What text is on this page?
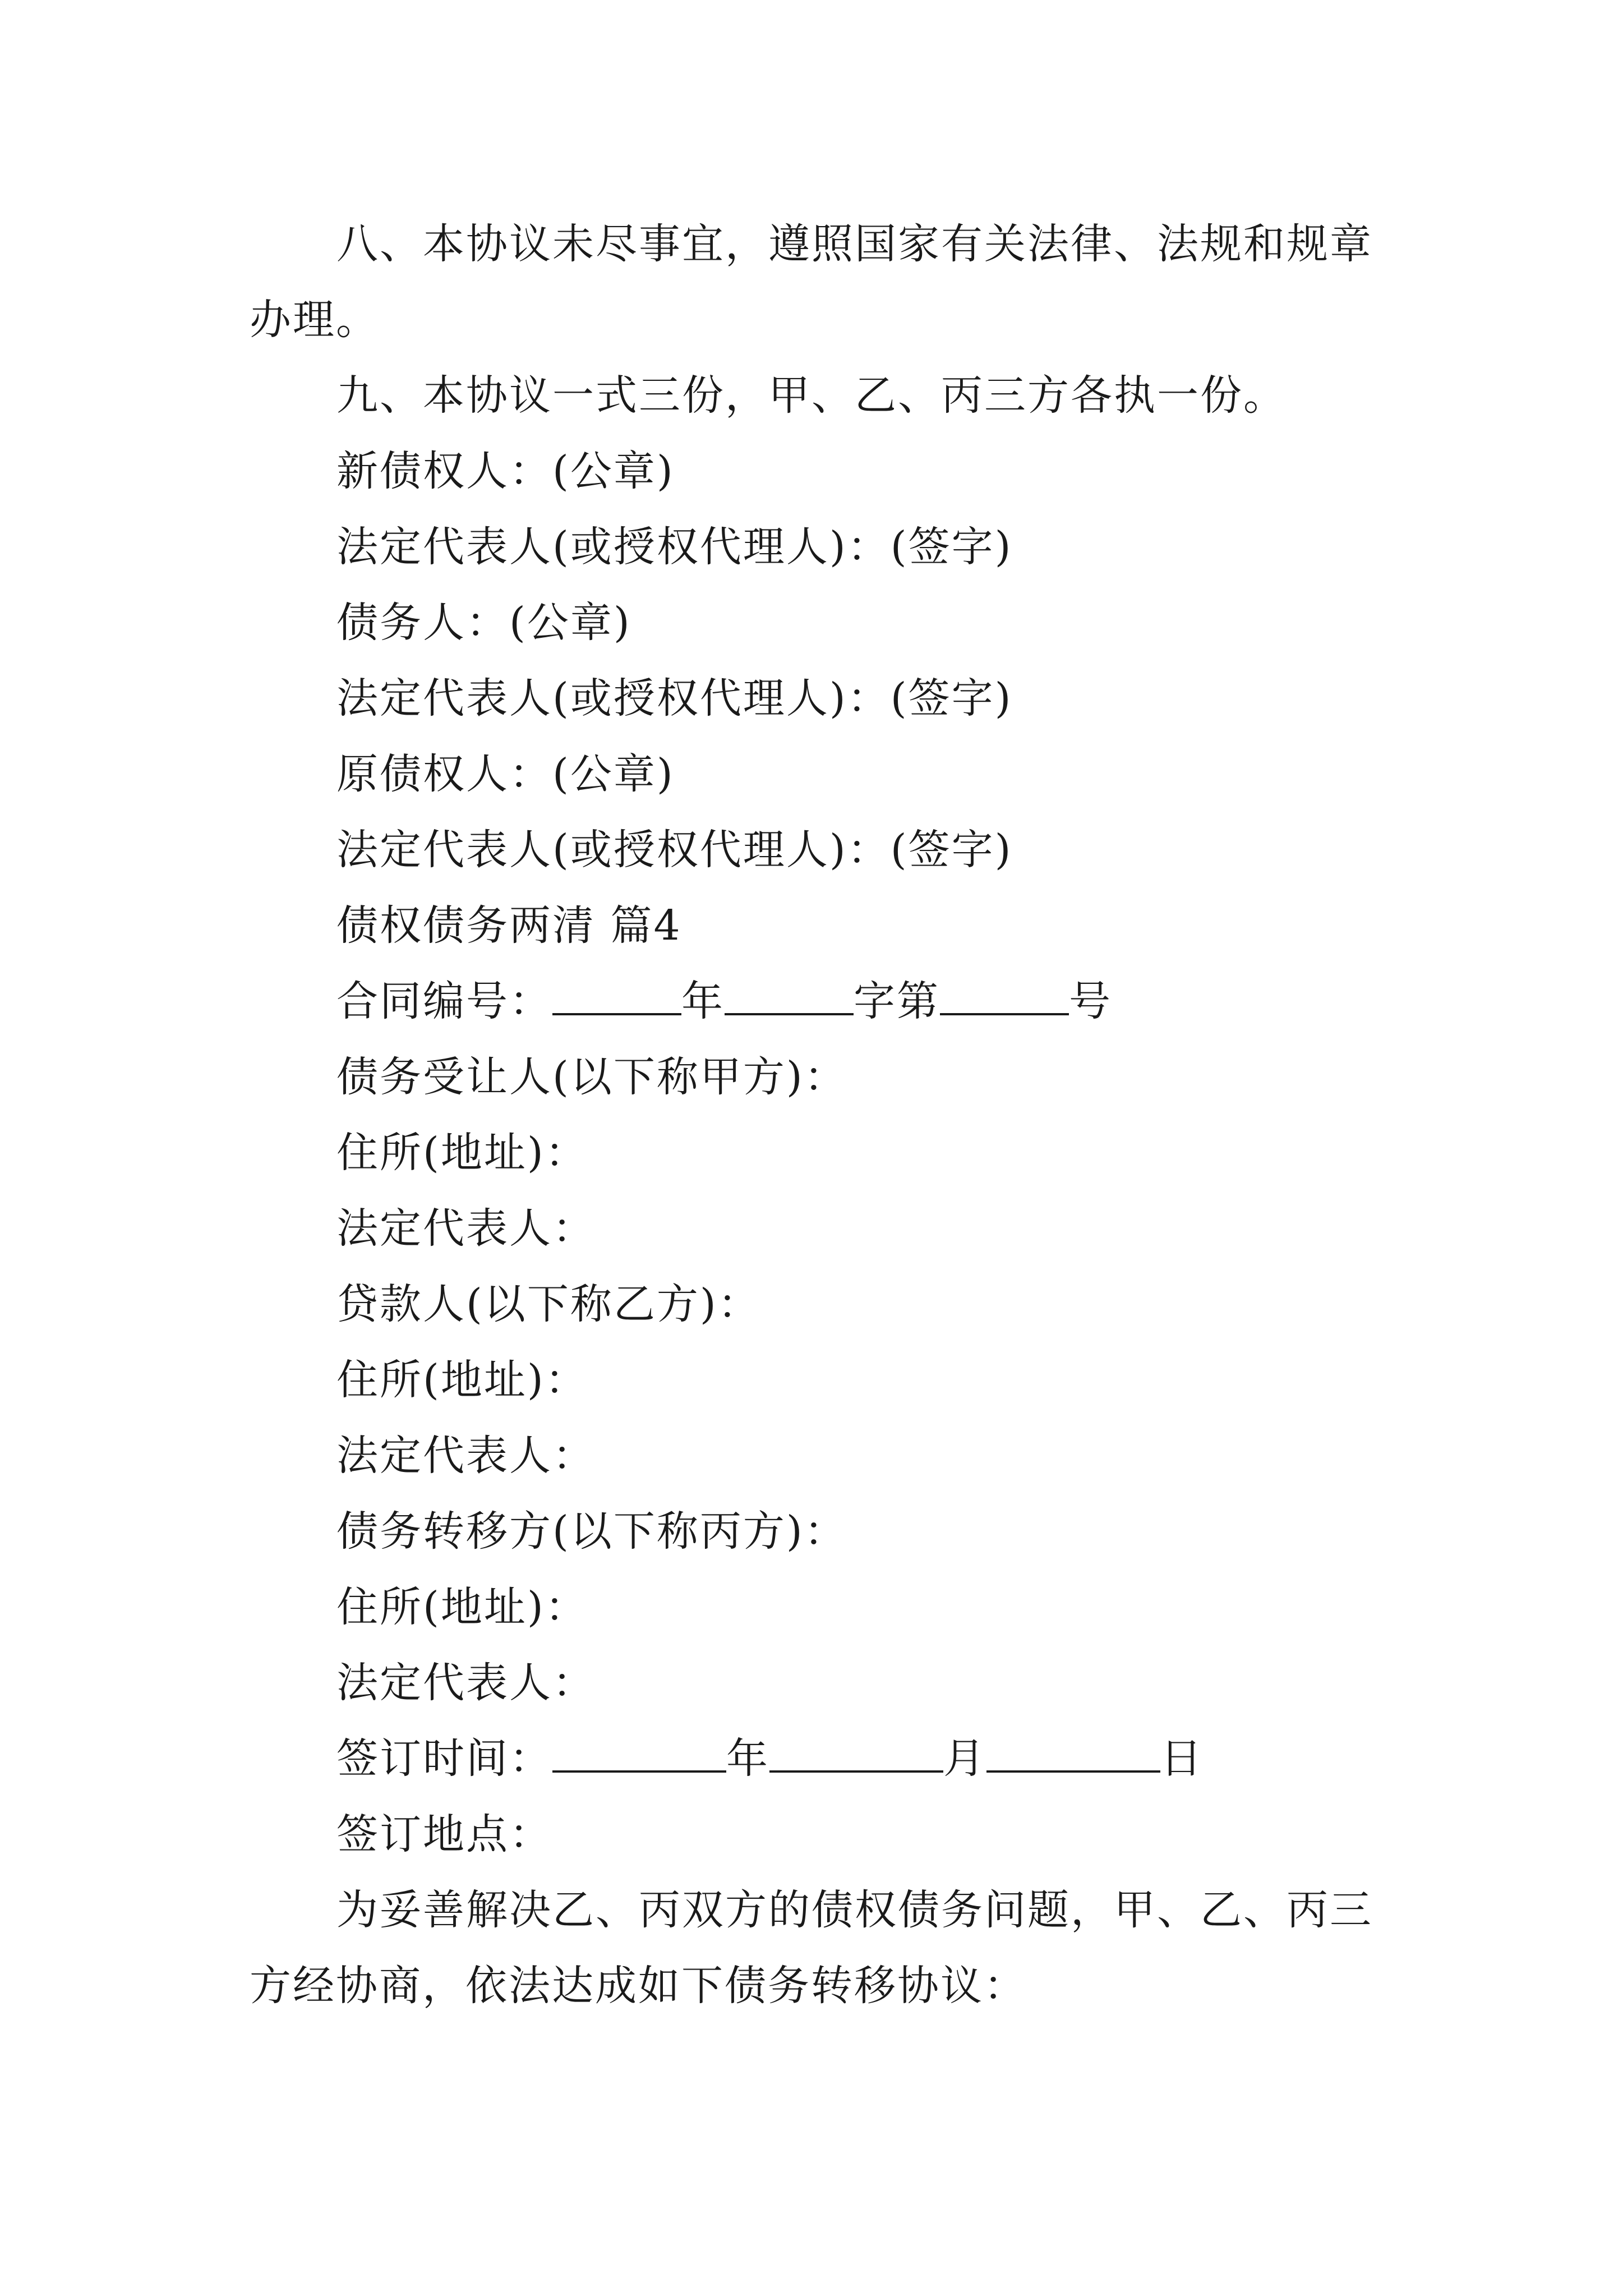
八、本协议未尽事宜，遵照国家有关法律、法规和规章
办理。
九、本协议一式三份，甲、乙、丙三方各执一份。
新债权人：(公章)
法定代表人(或授权代理人)：(签字)
债务人：(公章)
法定代表人(或授权代理人)：(签字)
原债权人：(公章)
法定代表人(或授权代理人)：(签字)
债权债务两清 篇4
合同编号：	年	字第	号
债务受让人(以下称甲方)：
住所(地址)：
法定代表人：
贷款人(以下称乙方)：
住所(地址)：
法定代表人：
债务转移方(以下称丙方)：
住所(地址)：
法定代表人：
签订时间：	年	月	日
签订地点：
为妥善解决乙、丙双方的债权债务问题，甲、乙、丙三
方经协商，依法达成如下债务转移协议：
